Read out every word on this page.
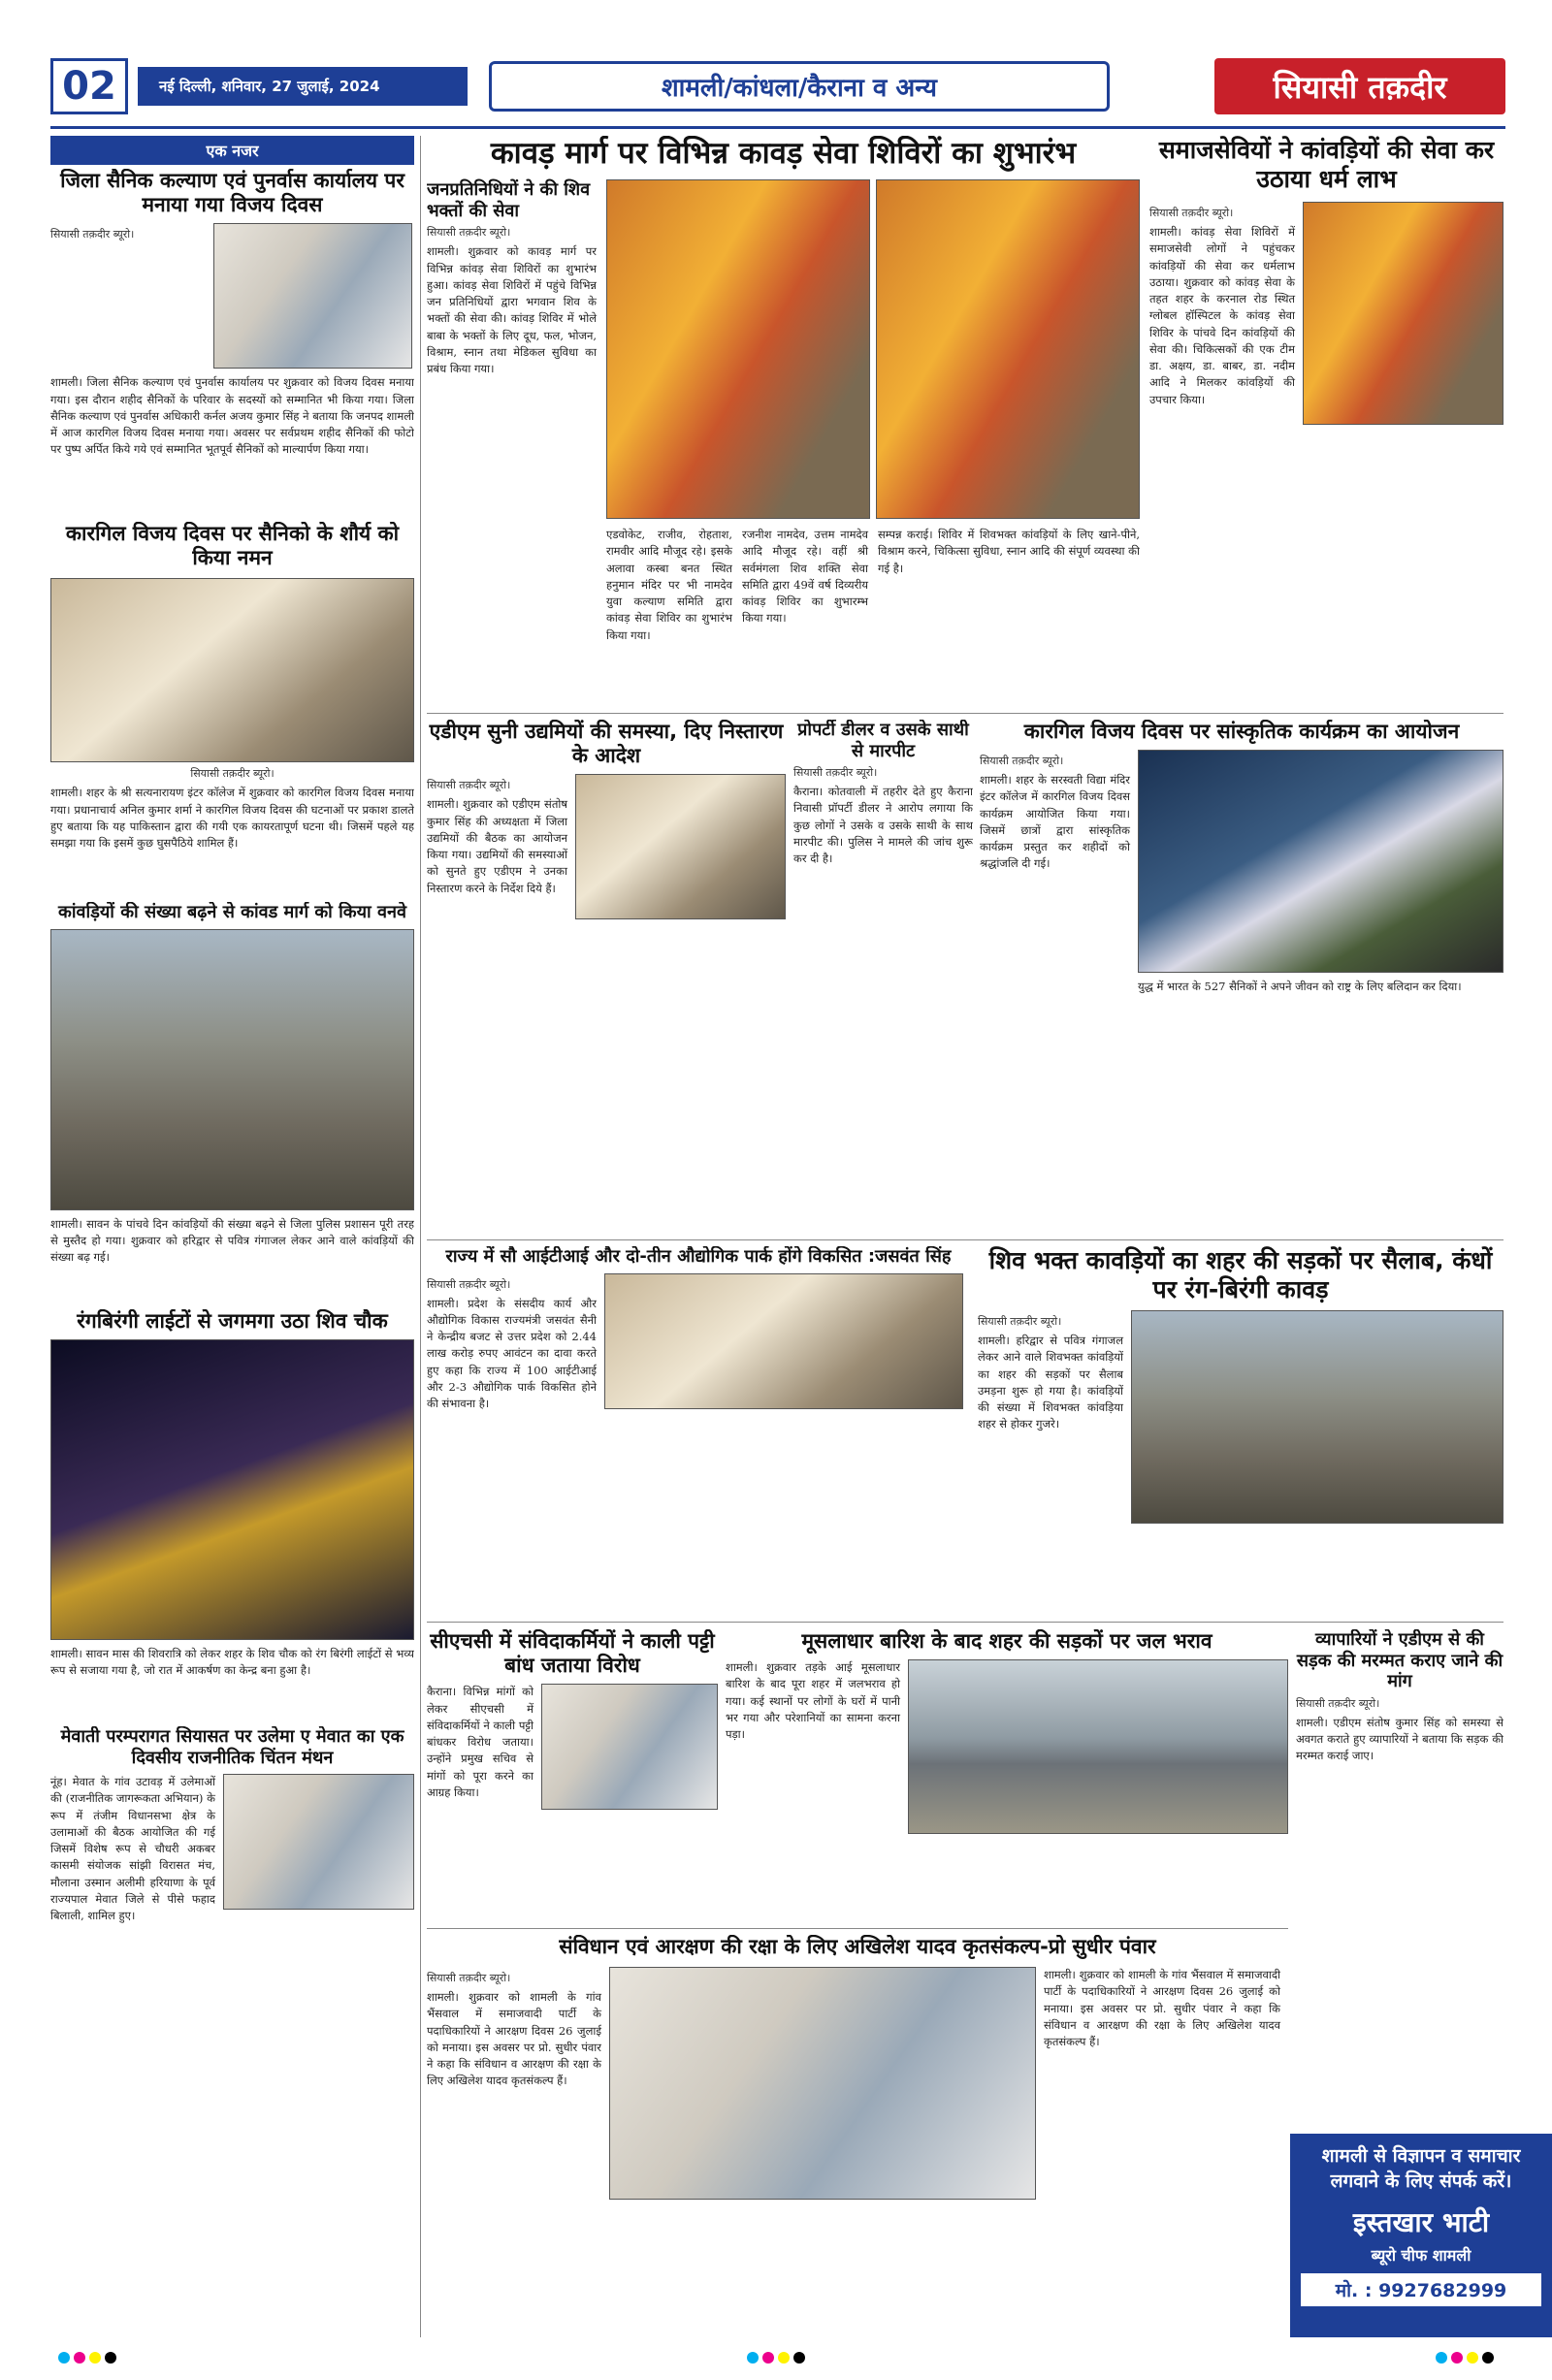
02	नई दिल्ली, शनिवार, 27 जुलाई, 2024	शामली/कांधला/कैराना व अन्य	सियासी तक़दीर
एक नजर
जिला सैनिक कल्याण एवं पुनर्वास कार्यालय पर मनाया गया विजय दिवस
सियासी तक़दीर ब्यूरो।
शामली। जिला सैनिक कल्याण एवं पुनर्वास कार्यालय पर शुक्रवार को विजय दिवस मनाया गया। इस दौरान शहीद सैनिकों के परिवार के सदस्यों को सम्मानित भी किया गया। जिला सैनिक कल्याण एवं पुनर्वास अधिकारी कर्नल अजय कुमार सिंह ने बताया कि जनपद शामली में आज कारगिल विजय दिवस मनाया गया। अवसर पर सर्वप्रथम शहीद सैनिकों की फोटो पर पुष्प अर्पित किये गये एवं सम्मानित भूतपूर्व सैनिकों को माल्यार्पण किया गया।
कारगिल विजय दिवस पर सैनिको के शौर्य को किया नमन
सियासी तक़दीर ब्यूरो।
शामली। शहर के श्री सत्यनारायण इंटर कॉलेज में शुक्रवार को कारगिल विजय दिवस मनाया गया। प्रधानाचार्य अनिल कुमार शर्मा ने कारगिल विजय दिवस की घटनाओं पर प्रकाश डालते हुए बताया कि यह पाकिस्तान द्वारा की गयी एक कायरतापूर्ण घटना थी। जिसमें पहले यह समझा गया कि इसमें कुछ घुसपैठिये शामिल हैं।
कांवड़ियों की संख्या बढ़ने से कांवड मार्ग को किया वनवे
शामली। सावन के पांचवे दिन कांवड़ियों की संख्या बढ़ने से जिला पुलिस प्रशासन पूरी तरह से मुस्तैद हो गया। शुक्रवार को हरिद्वार से पवित्र गंगाजल लेकर आने वाले कांवड़ियों की संख्या बढ़ गई।
रंगबिरंगी लाईटों से जगमगा उठा शिव चौक
शामली। सावन मास की शिवरात्रि को लेकर शहर के शिव चौक को रंग बिरंगी लाईटों से भव्य रूप से सजाया गया है, जो रात में आकर्षण का केन्द्र बना हुआ है।
मेवाती परम्परागत सियासत पर उलेमा ए मेवात का एक दिवसीय राजनीतिक चिंतन मंथन
नूंह। मेवात के गांव उटावड़ में उलेमाओं की (राजनीतिक जागरूकता अभियान) के रूप में तंजीम विधानसभा क्षेत्र के उलामाओं की बैठक आयोजित की गई जिसमें विशेष रूप से चौधरी अकबर कासमी संयोजक सांझी विरासत मंच, मौलाना उस्मान अलीमी हरियाणा के पूर्व राज्यपाल मेवात जिले से पीसे फहाद बिलाली, शामिल हुए।
कावड़ मार्ग पर विभिन्न कावड़ सेवा शिविरों का शुभारंभ
जनप्रतिनिधियों ने की शिव भक्तों की सेवा
सियासी तक़दीर ब्यूरो।
शामली। शुक्रवार को कावड़ मार्ग पर विभिन्न कांवड़ सेवा शिविरों का शुभारंभ हुआ। कांवड़ सेवा शिविरों में पहुंचे विभिन्न जन प्रतिनिधियों द्वारा भगवान शिव के भक्तों की सेवा की। कांवड़ शिविर में भोले बाबा के भक्तों के लिए दूध, फल, भोजन, विश्राम, स्नान तथा मेडिकल सुविधा का प्रबंध किया गया।
एडवोकेट, राजीव, रोहताश, रामवीर आदि मौजूद रहे। इसके अलावा कस्बा बनत स्थित हनुमान मंदिर पर भी नामदेव युवा कल्याण समिति द्वारा कांवड़ सेवा शिविर का शुभारंभ किया गया।
रजनीश नामदेव, उत्तम नामदेव आदि मौजूद रहे। वहीं श्री सर्वमंगला शिव शक्ति सेवा समिति द्वारा 49वें वर्ष दिव्यरीय कांवड़ शिविर का शुभारम्भ किया गया।
सम्पन्न कराई। शिविर में शिवभक्त कांवड़ियों के लिए खाने-पीने, विश्राम करने, चिकित्सा सुविधा, स्नान आदि की संपूर्ण व्यवस्था की गई है।
समाजसेवियों ने कांवड़ियों की सेवा कर उठाया धर्म लाभ
सियासी तक़दीर ब्यूरो।
शामली। कांवड़ सेवा शिविरों में समाजसेवी लोगों ने पहुंचकर कांवड़ियों की सेवा कर धर्मलाभ उठाया। शुक्रवार को कांवड़ सेवा के तहत शहर के करनाल रोड स्थित ग्लोबल हॉस्पिटल के कांवड़ सेवा शिविर के पांचवे दिन कांवड़ियों की सेवा की। चिकित्सकों की एक टीम डा. अक्षय, डा. बाबर, डा. नदीम आदि ने मिलकर कांवड़ियों की उपचार किया।
एडीएम सुनी उद्यमियों की समस्या, दिए निस्तारण के आदेश
सियासी तक़दीर ब्यूरो।
शामली। शुक्रवार को एडीएम संतोष कुमार सिंह की अध्यक्षता में जिला उद्यमियों की बैठक का आयोजन किया गया। उद्यमियों की समस्याओं को सुनते हुए एडीएम ने उनका निस्तारण करने के निर्देश दिये हैं।
प्रोपर्टी डीलर व उसके साथी से मारपीट
सियासी तक़दीर ब्यूरो।
कैराना। कोतवाली में तहरीर देते हुए कैराना निवासी प्रॉपर्टी डीलर ने आरोप लगाया कि कुछ लोगों ने उसके व उसके साथी के साथ मारपीट की। पुलिस ने मामले की जांच शुरू कर दी है।
कारगिल विजय दिवस पर सांस्कृतिक कार्यक्रम का आयोजन
सियासी तक़दीर ब्यूरो।
शामली। शहर के सरस्वती विद्या मंदिर इंटर कॉलेज में कारगिल विजय दिवस कार्यक्रम आयोजित किया गया। जिसमें छात्रों द्वारा सांस्कृतिक कार्यक्रम प्रस्तुत कर शहीदों को श्रद्धांजलि दी गई।
युद्ध में भारत के 527 सैनिकों ने अपने जीवन को राष्ट्र के लिए बलिदान कर दिया।
राज्य में सौ आईटीआई और दो-तीन औद्योगिक पार्क होंगे विकसित :जसवंत सिंह
सियासी तक़दीर ब्यूरो।
शामली। प्रदेश के संसदीय कार्य और औद्योगिक विकास राज्यमंत्री जसवंत सैनी ने केन्द्रीय बजट से उत्तर प्रदेश को 2.44 लाख करोड़ रुपए आवंटन का दावा करते हुए कहा कि राज्य में 100 आईटीआई और 2-3 औद्योगिक पार्क विकसित होने की संभावना है।
शिव भक्त कावड़ियों का शहर की सड़कों पर सैलाब, कंधों पर रंग-बिरंगी कावड़
सियासी तक़दीर ब्यूरो।
शामली। हरिद्वार से पवित्र गंगाजल लेकर आने वाले शिवभक्त कांवड़ियों का शहर की सड़कों पर सैलाब उमड़ना शुरू हो गया है। कांवड़ियों की संख्या में शिवभक्त कांवड़िया शहर से होकर गुजरे।
सीएचसी में संविदाकर्मियों ने काली पट्टी बांध जताया विरोध
कैराना। विभिन्न मांगों को लेकर सीएचसी में संविदाकर्मियों ने काली पट्टी बांधकर विरोध जताया। उन्होंने प्रमुख सचिव से मांगों को पूरा करने का आग्रह किया।
मूसलाधार बारिश के बाद शहर की सड़कों पर जल भराव
शामली। शुक्रवार तड़के आई मूसलाधार बारिश के बाद पूरा शहर में जलभराव हो गया। कई स्थानों पर लोगों के घरों में पानी भर गया और परेशानियों का सामना करना पड़ा।
व्यापारियों ने एडीएम से की सड़क की मरम्मत कराए जाने की मांग
सियासी तक़दीर ब्यूरो।
शामली। एडीएम संतोष कुमार सिंह को समस्या से अवगत कराते हुए व्यापारियों ने बताया कि सड़क की मरम्मत कराई जाए।
संविधान एवं आरक्षण की रक्षा के लिए अखिलेश यादव कृतसंकल्प-प्रो सुधीर पंवार
सियासी तक़दीर ब्यूरो।
शामली। शुक्रवार को शामली के गांव भैंसवाल में समाजवादी पार्टी के पदाधिकारियों ने आरक्षण दिवस 26 जुलाई को मनाया। इस अवसर पर प्रो. सुधीर पंवार ने कहा कि संविधान व आरक्षण की रक्षा के लिए अखिलेश यादव कृतसंकल्प हैं।
शामली। शुक्रवार को शामली के गांव भैंसवाल में समाजवादी पार्टी के पदाधिकारियों ने आरक्षण दिवस 26 जुलाई को मनाया। इस अवसर पर प्रो. सुधीर पंवार ने कहा कि संविधान व आरक्षण की रक्षा के लिए अखिलेश यादव कृतसंकल्प हैं।
शामली से विज्ञापन व समाचार लगवाने के लिए संपर्क करें।
इस्तखार भाटी
ब्यूरो चीफ शामली
मो. : 9927682999
